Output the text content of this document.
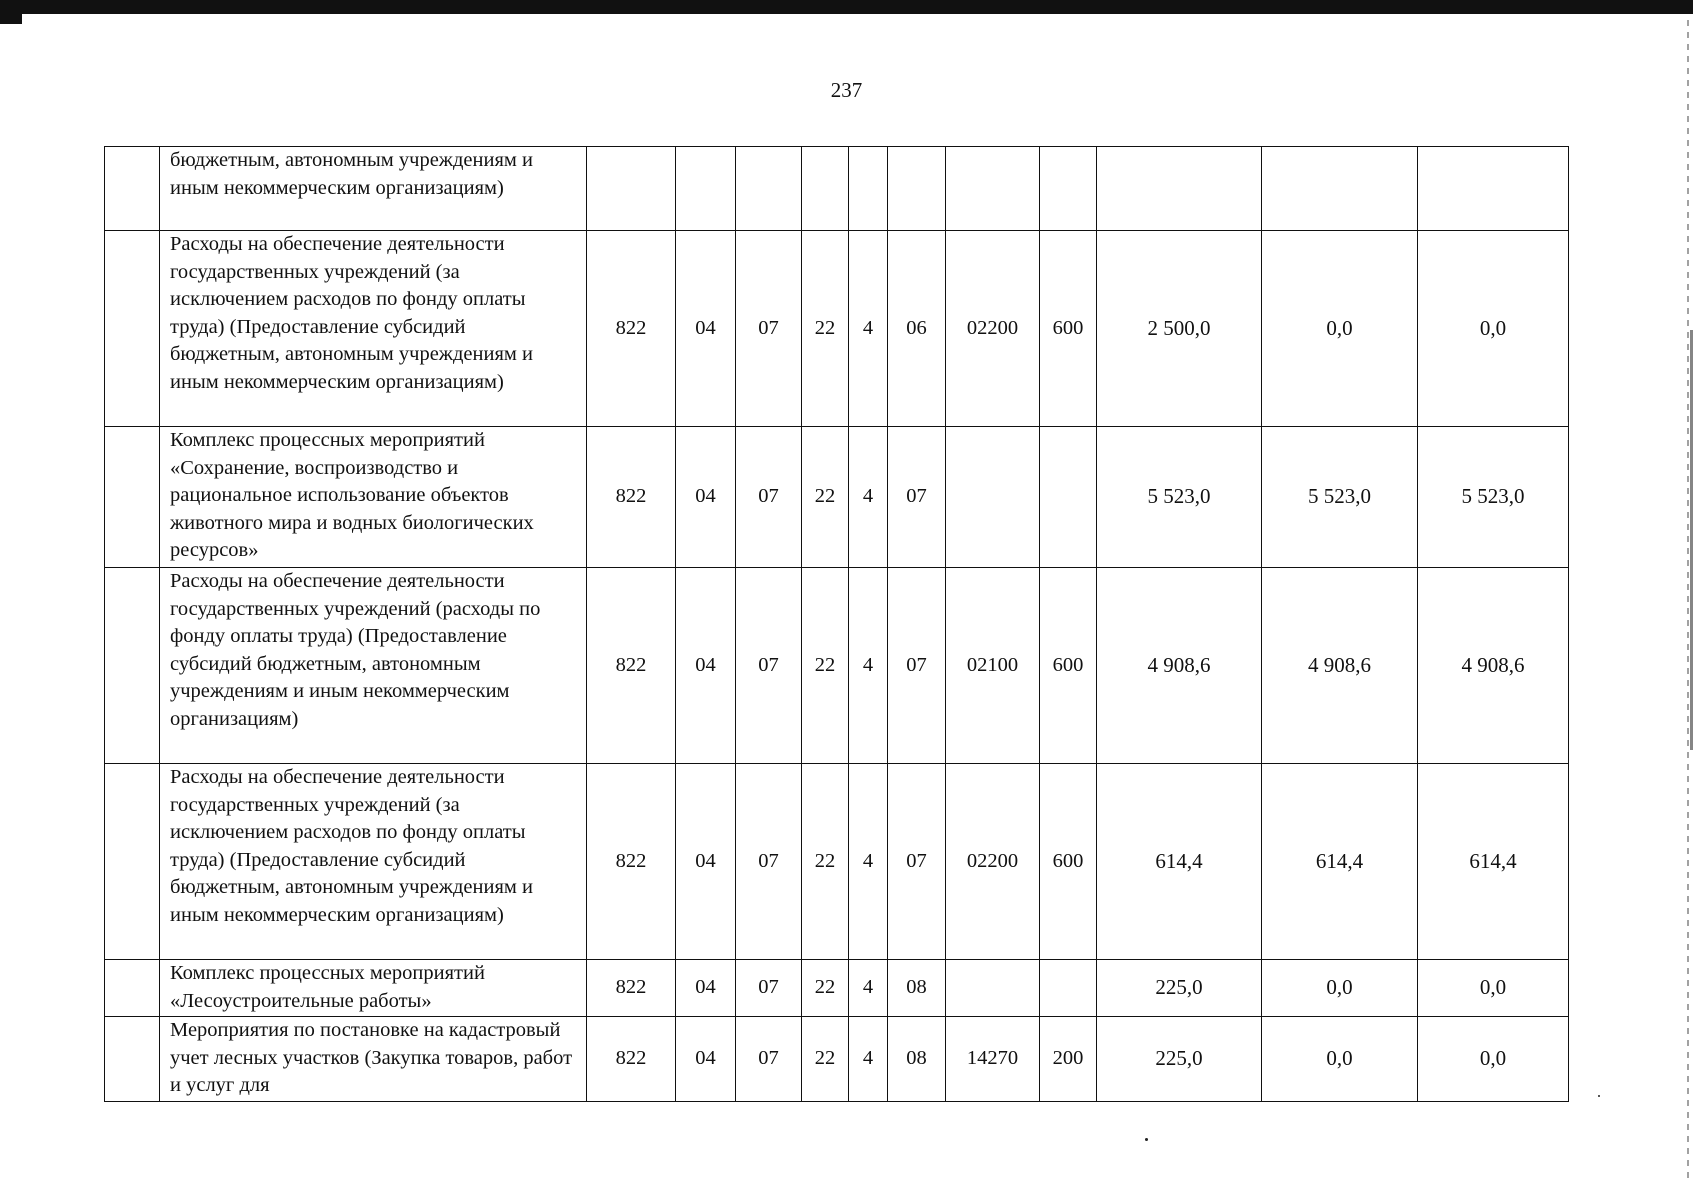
237
	бюджетным, автономным учреждениям и иным некоммерческим организациям)											
	Расходы на обеспечение деятельности государственных учреждений (за исключением расходов по фонду оплаты труда) (Предоставление субсидий бюджетным, автономным учреждениям и иным некоммерческим организациям)	822	04	07	22	4	06	02200	600	2 500,0	0,0	0,0
	Комплекс процессных мероприятий «Сохранение, воспроизводство и рациональное использование объектов животного мира и водных биологических ресурсов»	822	04	07	22	4	07			5 523,0	5 523,0	5 523,0
	Расходы на обеспечение деятельности государственных учреждений (расходы по фонду оплаты труда) (Предоставление субсидий бюджетным, автономным учреждениям и иным некоммерческим организациям)	822	04	07	22	4	07	02100	600	4 908,6	4 908,6	4 908,6
	Расходы на обеспечение деятельности государственных учреждений (за исключением расходов по фонду оплаты труда) (Предоставление субсидий бюджетным, автономным учреждениям и иным некоммерческим организациям)	822	04	07	22	4	07	02200	600	614,4	614,4	614,4
	Комплекс процессных мероприятий «Лесоустроительные работы»	822	04	07	22	4	08			225,0	0,0	0,0
	Мероприятия по постановке на кадастровый учет лесных участков (Закупка товаров, работ и услуг для	822	04	07	22	4	08	14270	200	225,0	0,0	0,0
